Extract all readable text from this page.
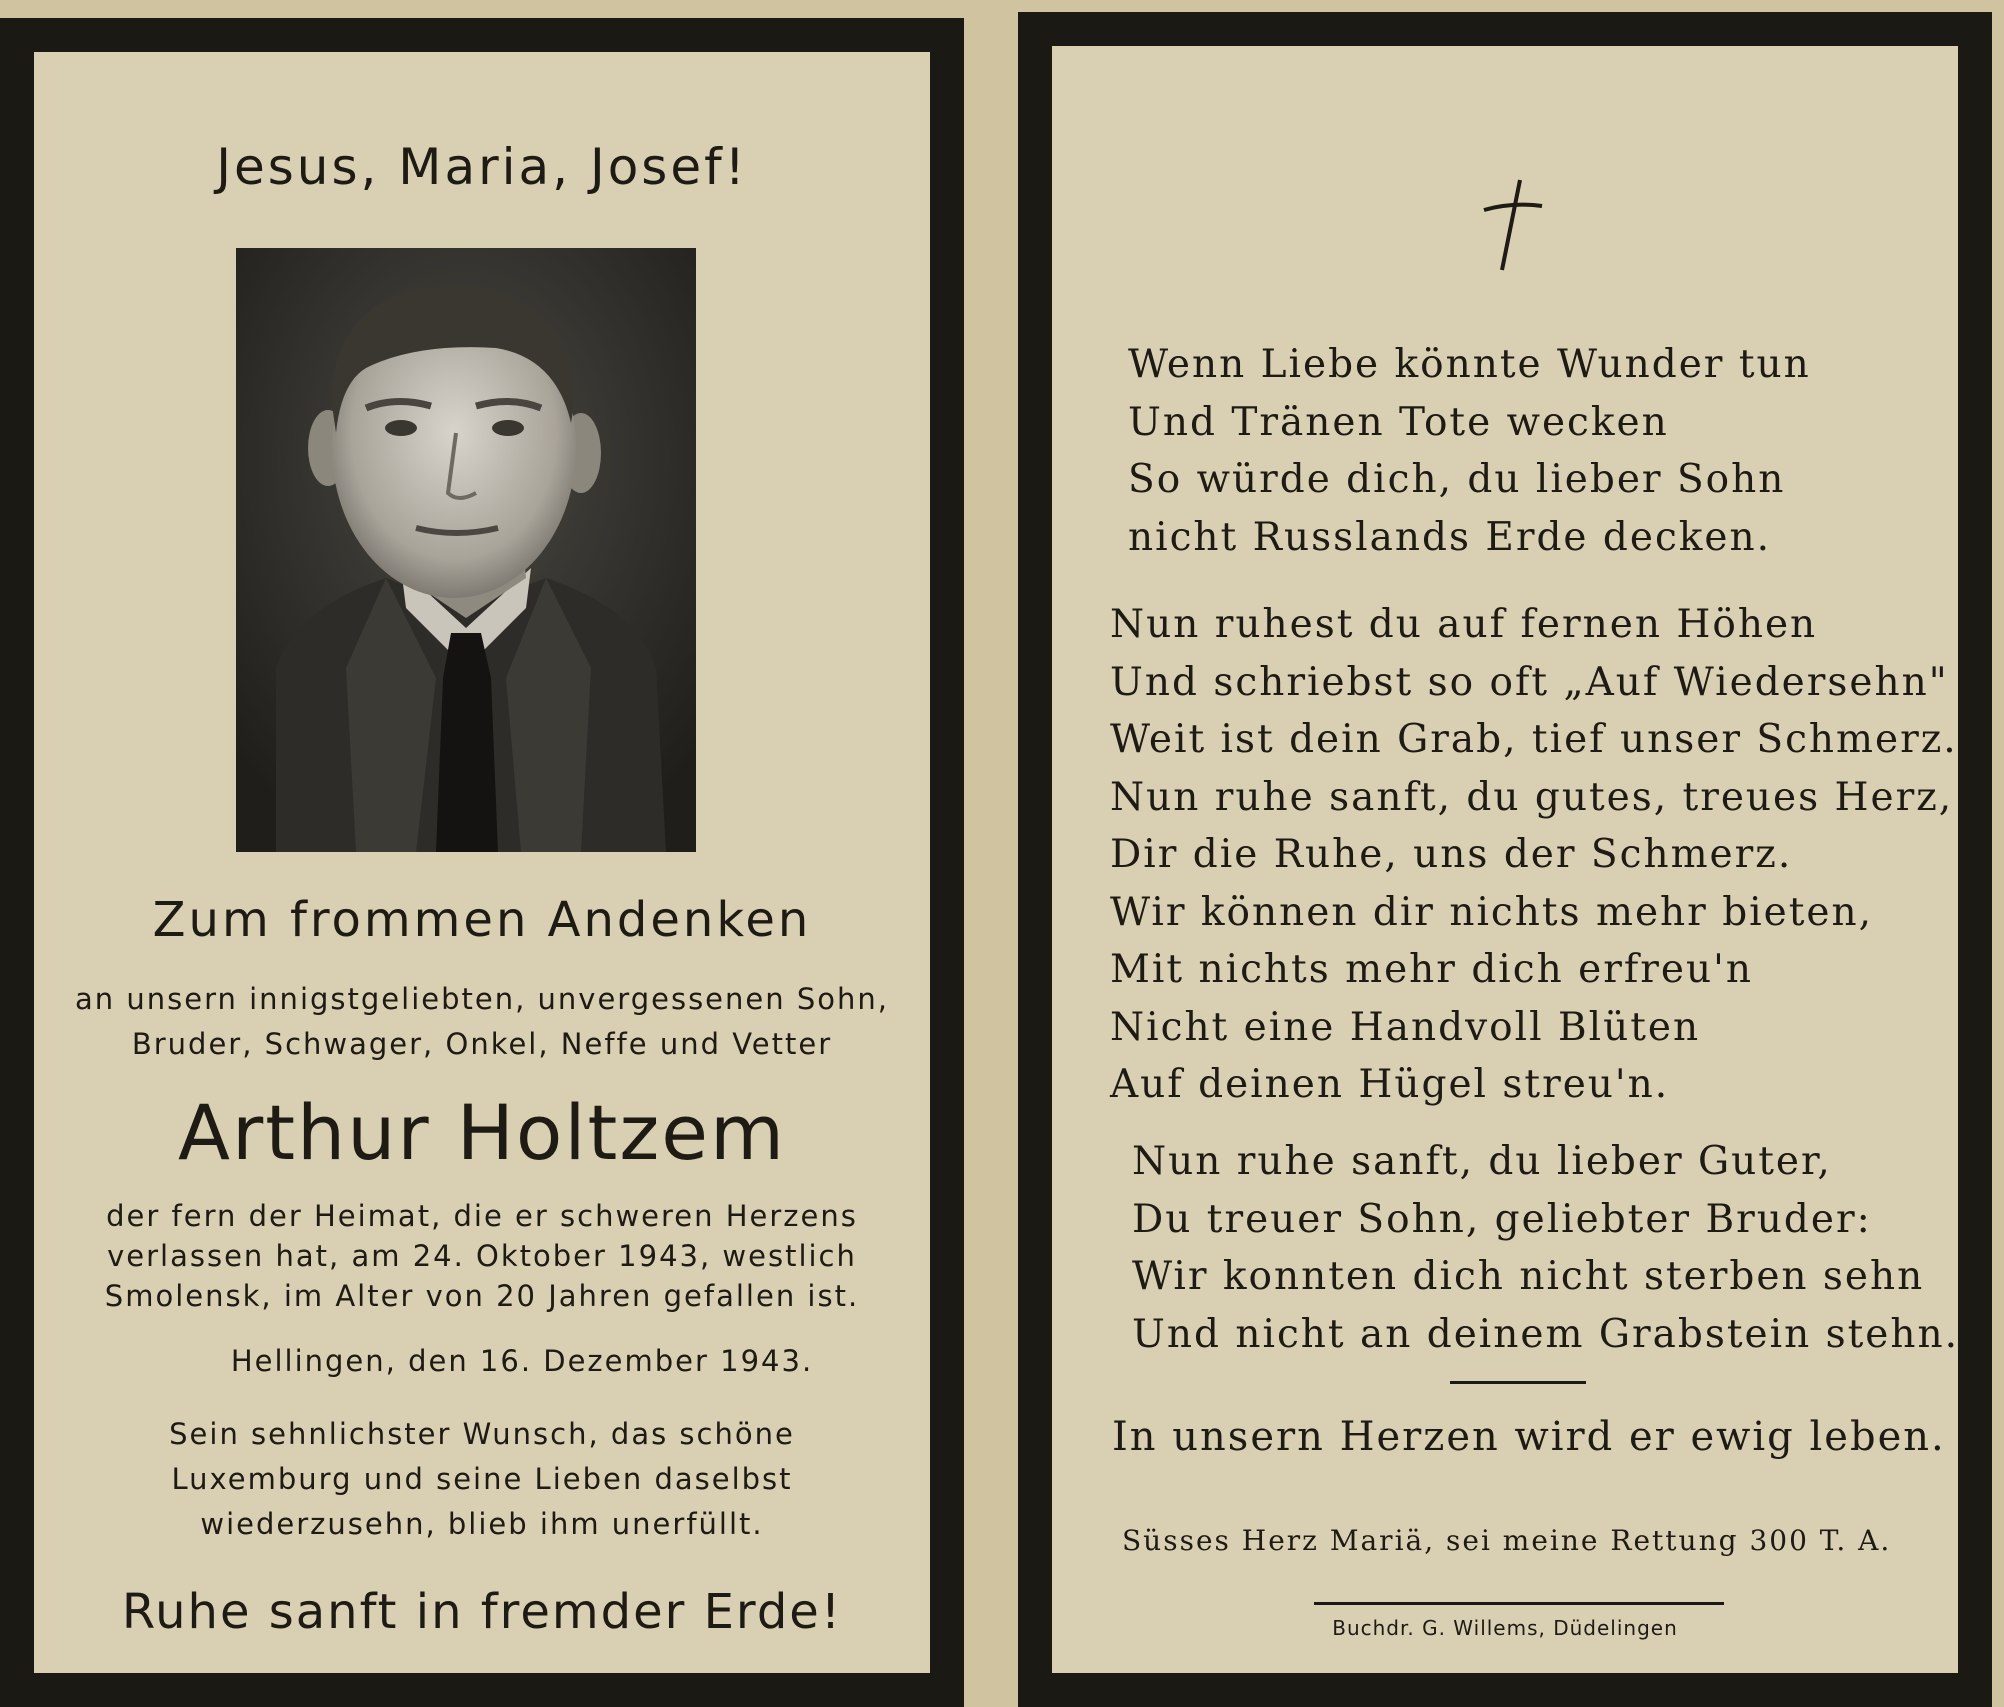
Jesus, Maria, Josef!
Zum frommen Andenken
an unsern innigstgeliebten, unvergessenen Sohn,
Bruder, Schwager, Onkel, Neffe und Vetter
Arthur Holtzem
der fern der Heimat, die er schweren Herzens
verlassen hat, am 24. Oktober 1943, westlich
Smolensk, im Alter von 20 Jahren gefallen ist.
Hellingen, den 16. Dezember 1943.
Sein sehnlichster Wunsch, das schöne
Luxemburg und seine Lieben daselbst
wiederzusehn, blieb ihm unerfüllt.
Ruhe sanft in fremder Erde!
Wenn Liebe könnte Wunder tun
Und Tränen Tote wecken
So würde dich, du lieber Sohn
nicht Russlands Erde decken.
Nun ruhest du auf fernen Höhen
Und schriebst so oft „Auf Wiedersehn"
Weit ist dein Grab, tief unser Schmerz.
Nun ruhe sanft, du gutes, treues Herz,
Dir die Ruhe, uns der Schmerz.
Wir können dir nichts mehr bieten,
Mit nichts mehr dich erfreu'n
Nicht eine Handvoll Blüten
Auf deinen Hügel streu'n.
Nun ruhe sanft, du lieber Guter,
Du treuer Sohn, geliebter Bruder:
Wir konnten dich nicht sterben sehn
Und nicht an deinem Grabstein stehn.
In unsern Herzen wird er ewig leben.
Süsses Herz Mariä, sei meine Rettung 300 T. A.
Buchdr. G. Willems, Düdelingen
